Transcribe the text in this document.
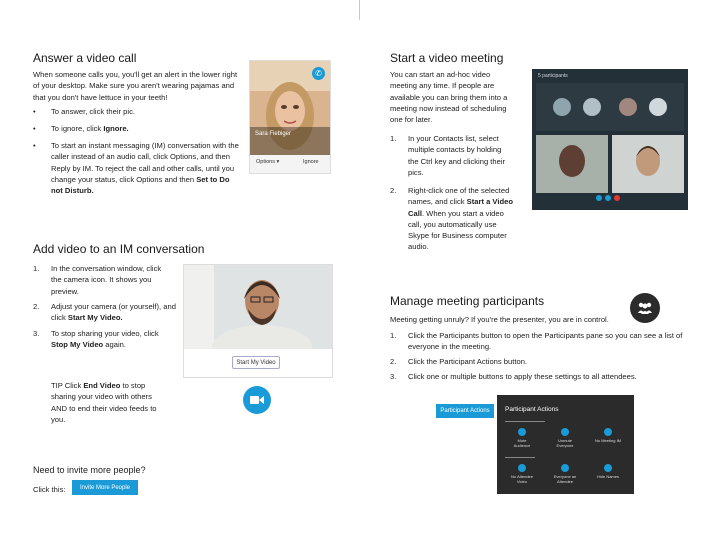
Answer a video call

When someone calls you, you'll get an alert in the lower right of your desktop. Make sure you aren't wearing pajamas and that you don't have lettuce in your teeth!

• To answer, click their pic.
• To ignore, click Ignore.
• To start an instant messaging (IM) conversation with the caller instead of an audio call, click Options, and then Reply by IM. To reject the call and other calls, until you change your status, click Options and then Set to Do not Disturb.
Sara Fiebiger
✆
Options ▾	Ignore
Add video to an IM conversation
1. In the conversation window, click the camera icon. It shows you preview.
2. Adjust your camera (or yourself), and click Start My Video.
3. To stop sharing your video, click Stop My Video again.
Start My Video
TIP Click End Video to stop sharing your video with others AND to end their video feeds to you.
Need to invite more people?
Click this:	Invite More People
Start a video meeting

You can start an ad-hoc video meeting any time. If people are available you can bring them into a meeting now instead of scheduling one for later.

1. In your Contacts list, select multiple contacts by holding the Ctrl key and clicking their pics.
2. Right-click one of the selected names, and click Start a Video Call. When you start a video call, you automatically use Skype for Business computer audio.
5 participants
Manage meeting participants

Meeting getting unruly? If you're the presenter, you are in control.

1. Click the Participants button to open the Participants pane so you can see a list of everyone in the meeting.
2. Click the Participant Actions button.
3. Click one or multiple buttons to apply these settings to all attendees.
Participant Actions	Participant Actions
Mute Audience
Unmute Everyone
No Meeting IM
No Attendee Video
Everyone an Attendee
Hide Names
